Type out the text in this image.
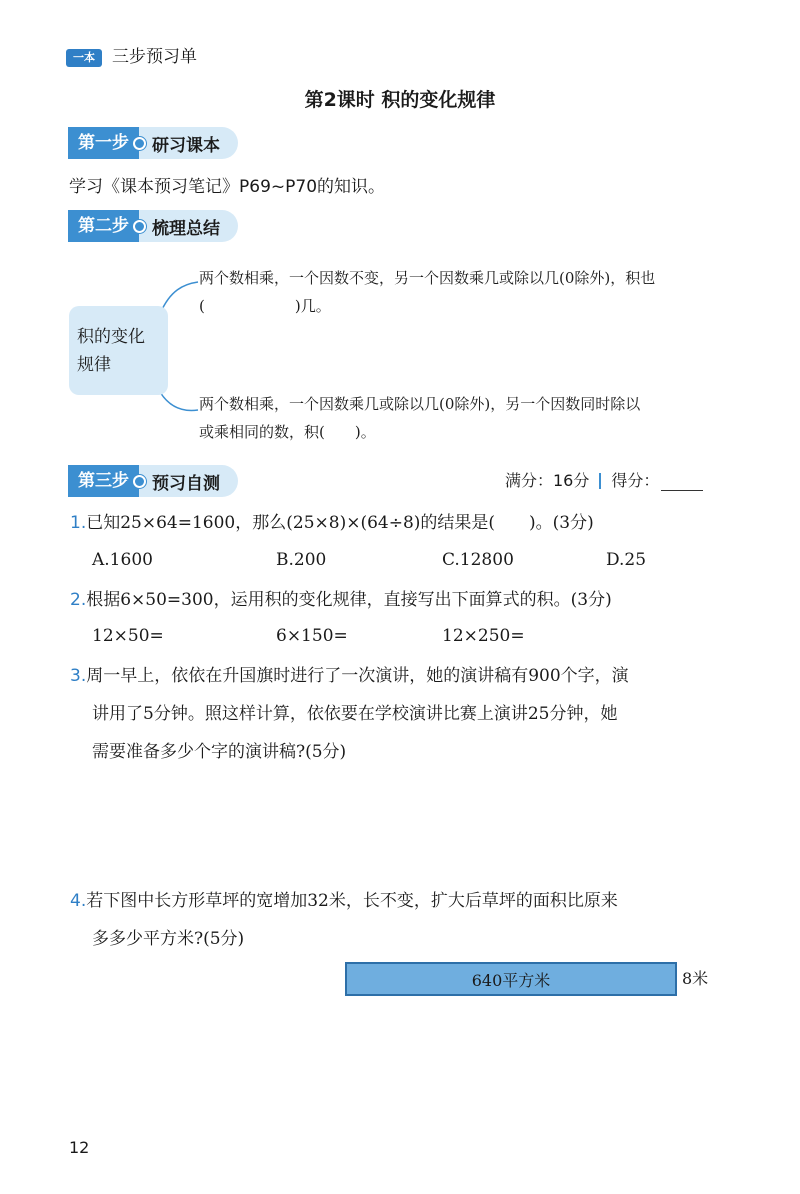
一本	三步预习单
第2课时 积的变化规律
第一步	研习课本
学习《课本预习笔记》P69~P70的知识。
第二步	梳理总结
积的变化规律
两个数相乘，一个因数不变，另一个因数乘几或除以几(0除外)，积也
(　　　　　　)几。
两个数相乘，一个因数乘几或除以几(0除外)，另一个因数同时除以
或乘相同的数，积(　　)。
第三步	预习自测	满分：16分 得分：
1.已知25×64=1600，那么(25×8)×(64÷8)的结果是(　　)。(3分)
A.1600	B.200	C.12800	D.25
2.根据6×50=300，运用积的变化规律，直接写出下面算式的积。(3分)
12×50=	6×150=	12×250=
3.周一早上，依依在升国旗时进行了一次演讲，她的演讲稿有900个字，演
讲用了5分钟。照这样计算，依依要在学校演讲比赛上演讲25分钟，她
需要准备多少个字的演讲稿?(5分)
4.若下图中长方形草坪的宽增加32米，长不变，扩大后草坪的面积比原来
多多少平方米?(5分)
640平方米	8米
12
